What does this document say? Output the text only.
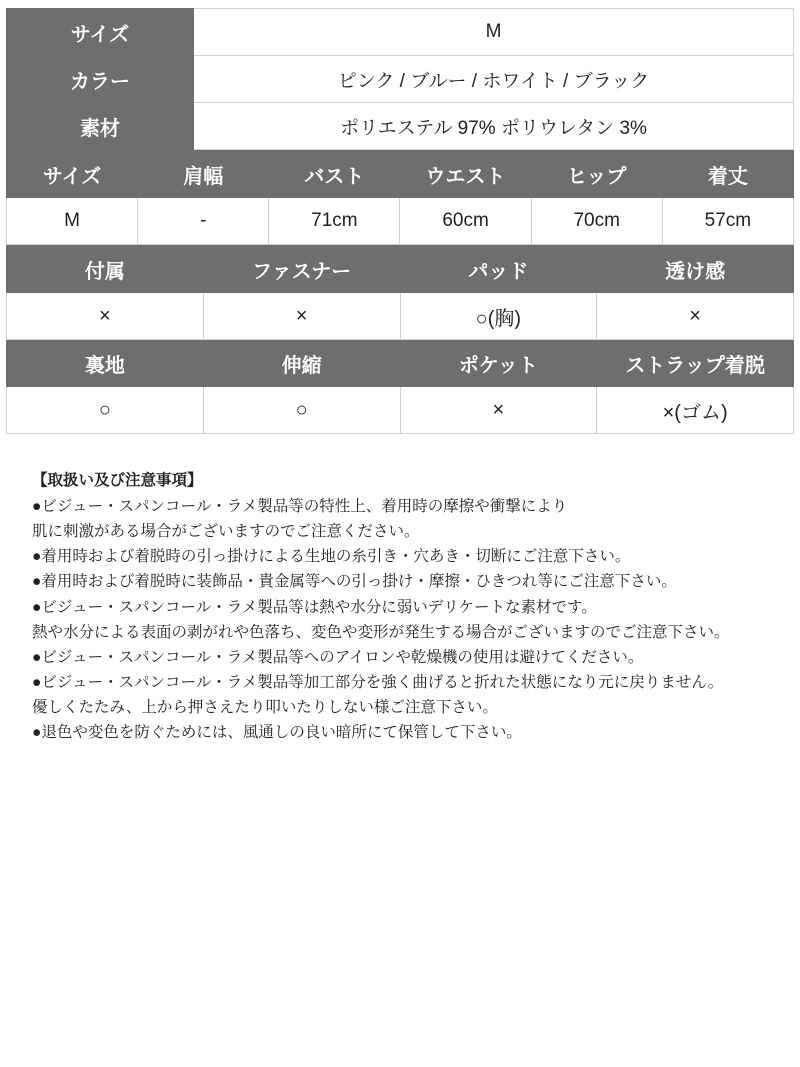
サイズ	M
カラー	ピンク / ブルー / ホワイト / ブラック
素材	ポリエステル 97% ポリウレタン 3%
サイズ	肩幅	バスト	ウエスト	ヒップ	着丈
M	-	71cm	60cm	70cm	57cm
付属	ファスナー	パッド	透け感
×	×	○(胸)	×
裏地	伸縮	ポケット	ストラップ着脱
○	○	×	×(ゴム)
【取扱い及び注意事項】
●ビジュー・スパンコール・ラメ製品等の特性上、着用時の摩擦や衝撃により
肌に刺激がある場合がございますのでご注意ください。
●着用時および着脱時の引っ掛けによる生地の糸引き・穴あき・切断にご注意下さい。
●着用時および着脱時に装飾品・貴金属等への引っ掛け・摩擦・ひきつれ等にご注意下さい。
●ビジュー・スパンコール・ラメ製品等は熱や水分に弱いデリケートな素材です。
熱や水分による表面の剥がれや色落ち、変色や変形が発生する場合がございますのでご注意下さい。
●ビジュー・スパンコール・ラメ製品等へのアイロンや乾燥機の使用は避けてください。
●ビジュー・スパンコール・ラメ製品等加工部分を強く曲げると折れた状態になり元に戻りません。
優しくたたみ、上から押さえたり叩いたりしない様ご注意下さい。
●退色や変色を防ぐためには、風通しの良い暗所にて保管して下さい。
